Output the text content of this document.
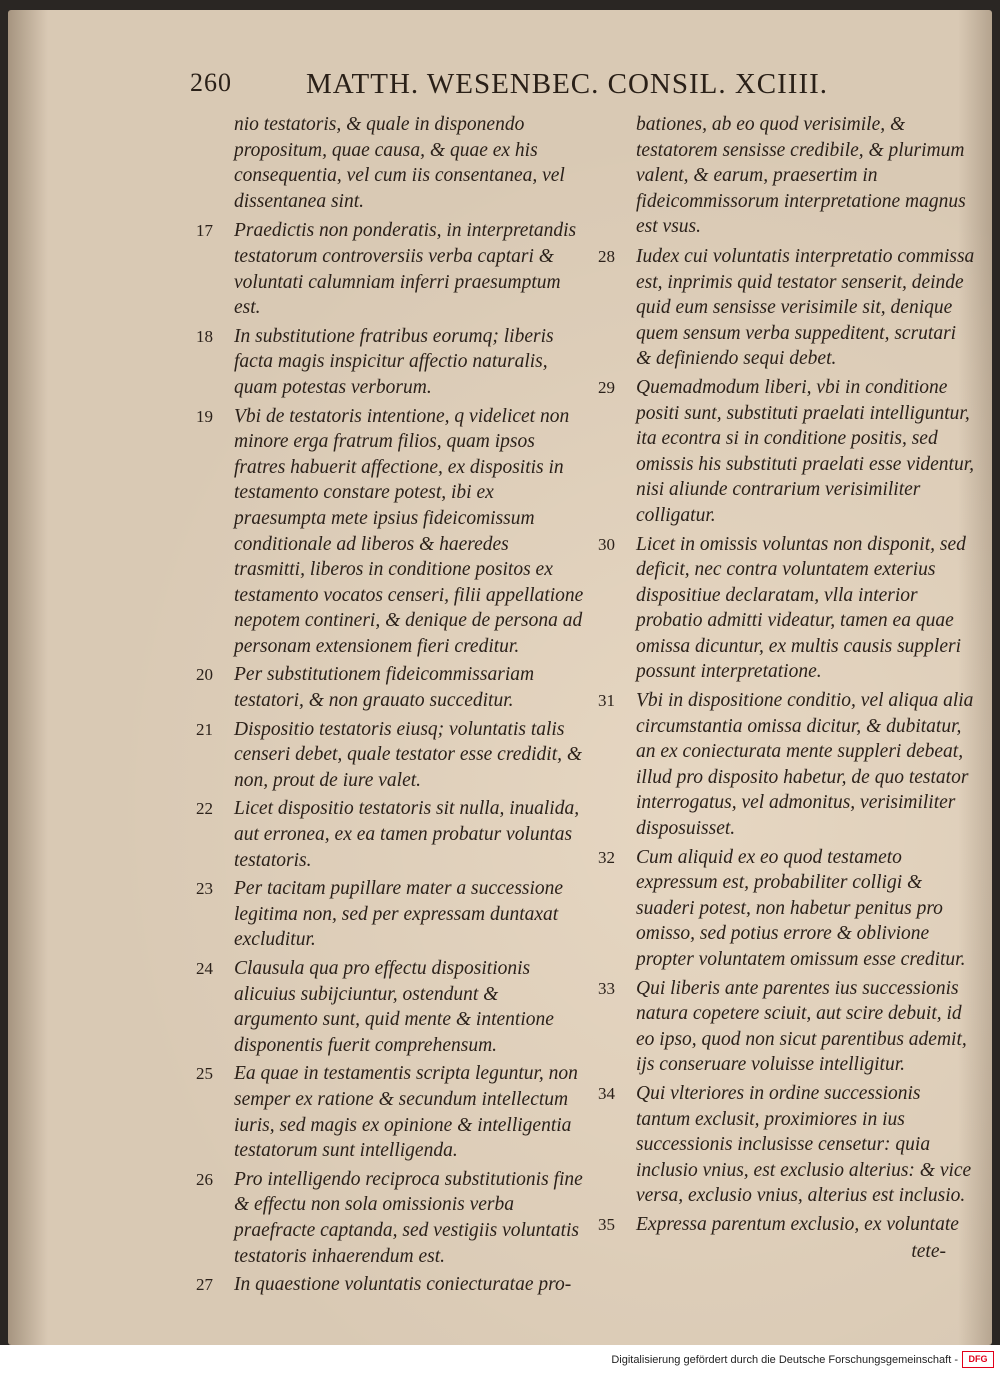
260	MATTH. WESENBEC. CONSIL. XCIIII.
nio testatoris, & quale in disponendo propositum, quae causa, & quae ex his consequentia, vel cum iis consentanea, vel dissentanea sint.
17 Praedictis non ponderatis, in interpretandis testatorum controversiis verba captari & voluntati calumniam inferri praesumptum est.
18 In substitutione fratribus eorumq; liberis facta magis inspicitur affectio naturalis, quam potestas verborum.
19 Vbi de testatoris intentione, q videlicet non minore erga fratrum filios, quam ipsos fratres habuerit affectione, ex dispositis in testamento constare potest, ibi ex praesumpta mete ipsius fideicomissum conditionale ad liberos & haeredes trasmitti, liberos in conditione positos ex testamento vocatos censeri, filii appellatione nepotem contineri, & denique de persona ad personam extensionem fieri creditur.
20 Per substitutionem fideicommissariam testatori, & non grauato succeditur.
21 Dispositio testatoris eiusq; voluntatis talis censeri debet, quale testator esse credidit, & non, prout de iure valet.
22 Licet dispositio testatoris sit nulla, inualida, aut erronea, ex ea tamen probatur voluntas testatoris.
23 Per tacitam pupillare mater a successione legitima non, sed per expressam duntaxat excluditur.
24 Clausula qua pro effectu dispositionis alicuius subijciuntur, ostendunt & argumento sunt, quid mente & intentione disponentis fuerit comprehensum.
25 Ea quae in testamentis scripta leguntur, non semper ex ratione & secundum intellectum iuris, sed magis ex opinione & intelligentia testatorum sunt intelligenda.
26 Pro intelligendo reciproca substitutionis fine & effectu non sola omissionis verba praefracte captanda, sed vestigiis voluntatis testatoris inhaerendum est.
27 In quaestione voluntatis coniecturatae pro-
bationes, ab eo quod verisimile, & testatorem sensisse credibile, & plurimum valent, & earum, praesertim in fideicommissorum interpretatione magnus est vsus.
28 Iudex cui voluntatis interpretatio commissa est, inprimis quid testator senserit, deinde quid eum sensisse verisimile sit, denique quem sensum verba suppeditent, scrutari & definiendo sequi debet.
29 Quemadmodum liberi, vbi in conditione positi sunt, substituti praelati intelliguntur, ita econtra si in conditione positis, sed omissis his substituti praelati esse videntur, nisi aliunde contrarium verisimiliter colligatur.
30 Licet in omissis voluntas non disponit, sed deficit, nec contra voluntatem exterius dispositiue declaratam, vlla interior probatio admitti videatur, tamen ea quae omissa dicuntur, ex multis causis suppleri possunt interpretatione.
31 Vbi in dispositione conditio, vel aliqua alia circumstantia omissa dicitur, & dubitatur, an ex coniecturata mente suppleri debeat, illud pro disposito habetur, de quo testator interrogatus, vel admonitus, verisimiliter disposuisset.
32 Cum aliquid ex eo quod testameto expressum est, probabiliter colligi & suaderi potest, non habetur penitus pro omisso, sed potius errore & oblivione propter voluntatem omissum esse creditur.
33 Qui liberis ante parentes ius successionis natura copetere sciuit, aut scire debuit, id eo ipso, quod non sicut parentibus ademit, ijs conseruare voluisse intelligitur.
34 Qui vlteriores in ordine successionis tantum exclusit, proximiores in ius successionis inclusisse censetur: quia inclusio vnius, est exclusio alterius: & vice versa, exclusio vnius, alterius est inclusio.
35 Expressa parentum exclusio, ex voluntate
tete-
Digitalisierung gefördert durch die Deutsche Forschungsgemeinschaft -	DFG
